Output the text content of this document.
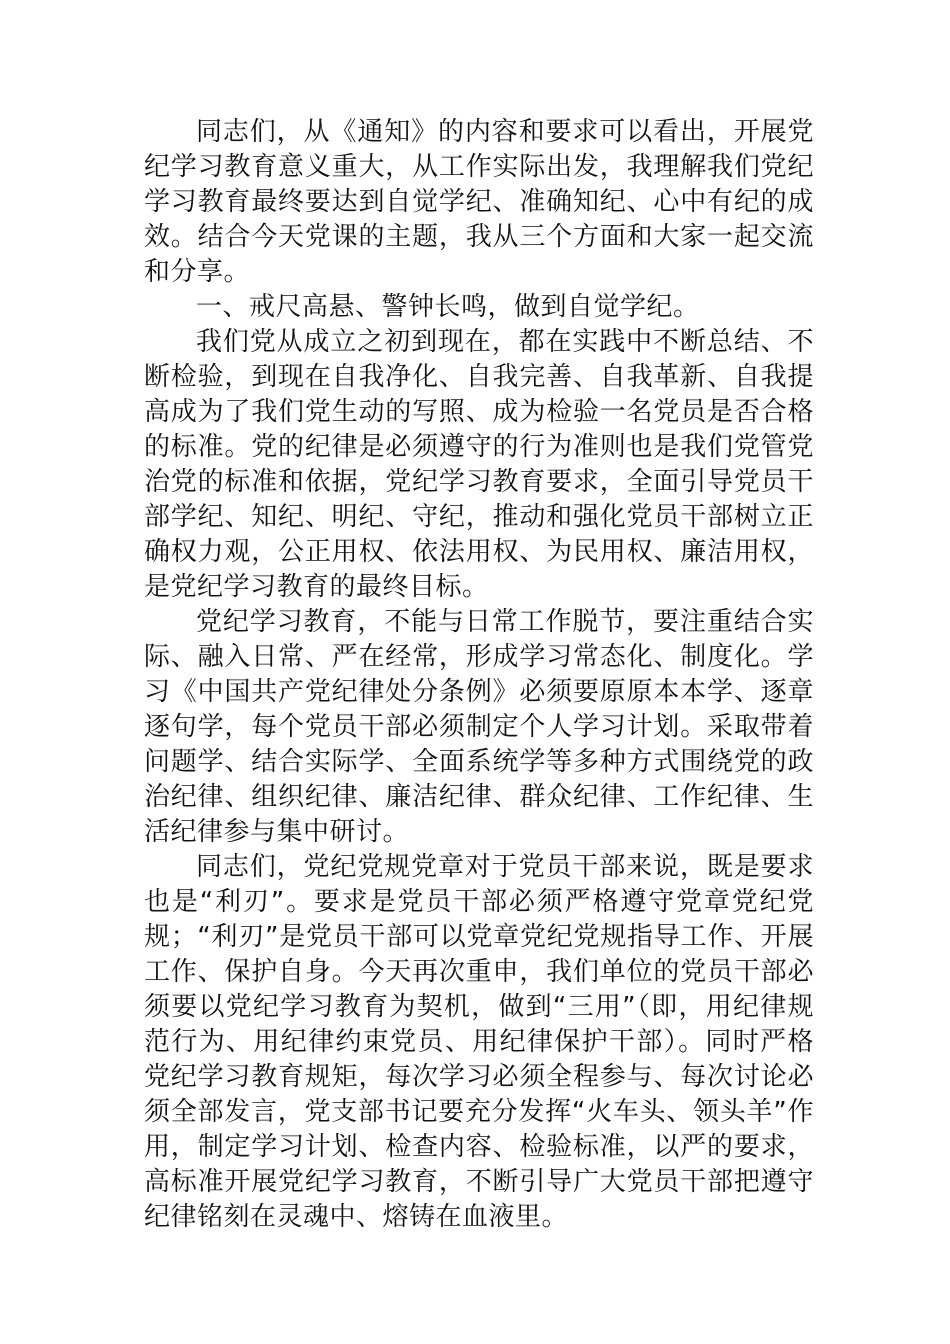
同志们，从《通知》的内容和要求可以看出，开展党纪学习教育意义重大，从工作实际出发，我理解我们党纪学习教育最终要达到自觉学纪、准确知纪、心中有纪的成效。结合今天党课的主题，我从三个方面和大家一起交流和分享。

一、戒尺高悬、警钟长鸣，做到自觉学纪。

我们党从成立之初到现在，都在实践中不断总结、不断检验，到现在自我净化、自我完善、自我革新、自我提高成为了我们党生动的写照、成为检验一名党员是否合格的标准。党的纪律是必须遵守的行为准则也是我们党管党治党的标准和依据，党纪学习教育要求，全面引导党员干部学纪、知纪、明纪、守纪，推动和强化党员干部树立正确权力观，公正用权、依法用权、为民用权、廉洁用权，是党纪学习教育的最终目标。

党纪学习教育，不能与日常工作脱节，要注重结合实际、融入日常、严在经常，形成学习常态化、制度化。学习《中国共产党纪律处分条例》必须要原原本本学、逐章逐句学，每个党员干部必须制定个人学习计划。采取带着问题学、结合实际学、全面系统学等多种方式围绕党的政治纪律、组织纪律、廉洁纪律、群众纪律、工作纪律、生活纪律参与集中研讨。

同志们，党纪党规党章对于党员干部来说，既是要求也是“利刃”。要求是党员干部必须严格遵守党章党纪党规；“利刃”是党员干部可以党章党纪党规指导工作、开展工作、保护自身。今天再次重申，我们单位的党员干部必须要以党纪学习教育为契机，做到“三用”（即，用纪律规范行为、用纪律约束党员、用纪律保护干部）。同时严格党纪学习教育规矩，每次学习必须全程参与、每次讨论必须全部发言，党支部书记要充分发挥“火车头、领头羊”作用，制定学习计划、检查内容、检验标准，以严的要求，高标准开展党纪学习教育，不断引导广大党员干部把遵守纪律铭刻在灵魂中、熔铸在血液里。
